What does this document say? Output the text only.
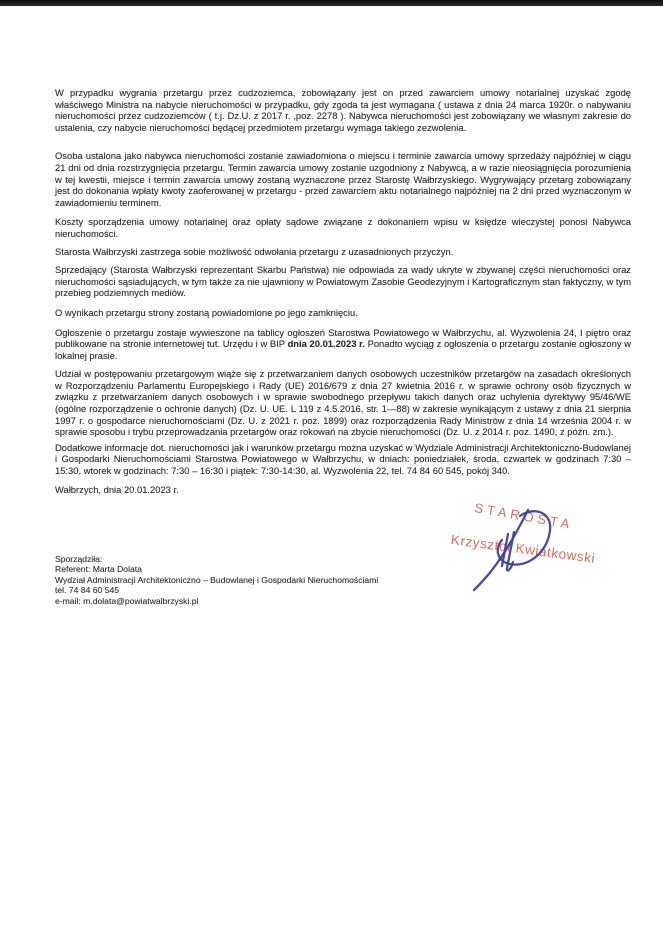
W przypadku wygrania przetargu przez cudzoziemca, zobowiązany jest on przed zawarciem umowy notarialnej uzyskać zgodę właściwego Ministra na nabycie nieruchomości w przypadku, gdy zgoda ta jest wymagana ( ustawa z dnia 24 marca 1920r. o nabywaniu nieruchomości przez cudzoziemców ( t.j. Dz.U. z 2017 r. ,poz. 2278 ). Nabywca nieruchomości jest zobowiązany we własnym zakresie do ustalenia, czy nabycie nieruchomości będącej przedmiotem przetargu wymaga takiego zezwolenia.

Osoba ustalona jako nabywca nieruchomości zostanie zawiadomiona o miejscu i terminie zawarcia umowy sprzedaży najpóźniej w ciągu 21 dni od dnia rozstrzygnięcia przetargu. Termin zawarcia umowy zostanie uzgodniony z Nabywcą, a w razie nieosiągnięcia porozumienia w tej kwestii, miejsce i termin zawarcia umowy zostaną wyznaczone przez Starostę Wałbrzyskiego. Wygrywający przetarg zobowiązany jest do dokonania wpłaty kwoty zaoferowanej w przetargu - przed zawarciem aktu notarialnego najpóźniej na 2 dni przed wyznaczonym w zawiadomieniu terminem.

Koszty sporządzenia umowy notarialnej oraz opłaty sądowe związane z dokonaniem wpisu w księdze wieczystej ponosi Nabywca nieruchomości.

Starosta Wałbrzyski zastrzega sobie możliwość odwołania przetargu z uzasadnionych przyczyn.

Sprzedający (Starosta Wałbrzyski reprezentant Skarbu Państwa) nie odpowiada za wady ukryte w zbywanej części nieruchomości oraz nieruchomości sąsiadujących, w tym także za nie ujawniony w Powiatowym Zasobie Geodezyjnym i Kartograficznym stan faktyczny, w tym przebieg podziemnych mediów.

O wynikach przetargu strony zostaną powiadomione po jego zamknięciu.

Ogłoszenie o przetargu zostaje wywieszone na tablicy ogłoszeń Starostwa Powiatowego w Wałbrzychu, al. Wyzwolenia 24, I piętro oraz publikowane na stronie internetowej tut. Urzędu i w BIP dnia 20.01.2023 r. Ponadto wyciąg z ogłoszenia o przetargu zostanie ogłoszony w lokalnej prasie.

Udział w postępowaniu przetargowym wiąże się z przetwarzaniem danych osobowych uczestników przetargów na zasadach określonych w Rozporządzeniu Parlamentu Europejskiego i Rady (UE) 2016/679 z dnia 27 kwietnia 2016 r. w sprawie ochrony osób fizycznych w związku z przetwarzaniem danych osobowych i w sprawie swobodnego przepływu takich danych oraz uchylenia dyrektywy 95/46/WE (ogólne rozporządzenie o ochronie danych) (Dz. U. UE. L 119 z 4.5.2016, str. 1—88) w zakresie wynikającym z ustawy z dnia 21 sierpnia 1997 r. o gospodarce nieruchomościami (Dz. U. z 2021 r. poz. 1899) oraz rozporządzenia Rady Ministrów z dnia 14 września 2004 r. w sprawie sposobu i trybu przeprowadzania przetargów oraz rokowań na zbycie nieruchomości (Dz. U. z 2014 r. poz. 1490, z późn. zm.).

Dodatkowe informacje dot. nieruchomości jak i warunków przetargu można uzyskać w Wydziale Administracji Architektoniczno-Budowlanej i Gospodarki Nieruchomościami Starostwa Powiatowego w Wałbrzychu, w dniach: poniedziałek, środa, czwartek w godzinach 7:30 – 15:30, wtorek w godzinach: 7:30 – 16:30 i piątek: 7:30-14:30, al. Wyzwolenia 22, tel. 74 84 60 545, pokój 340.

Wałbrzych, dnia 20.01.2023 r.

STAROSTA
Krzysztof Kwiatkowski
Sporządziła:
Referent: Marta Dolata
Wydział Administracji Architektoniczno – Budowlanej i Gospodarki Nieruchomościami
tel. 74 84 60 545
e-mail: m.dolata@powiatwalbrzyski.pl
